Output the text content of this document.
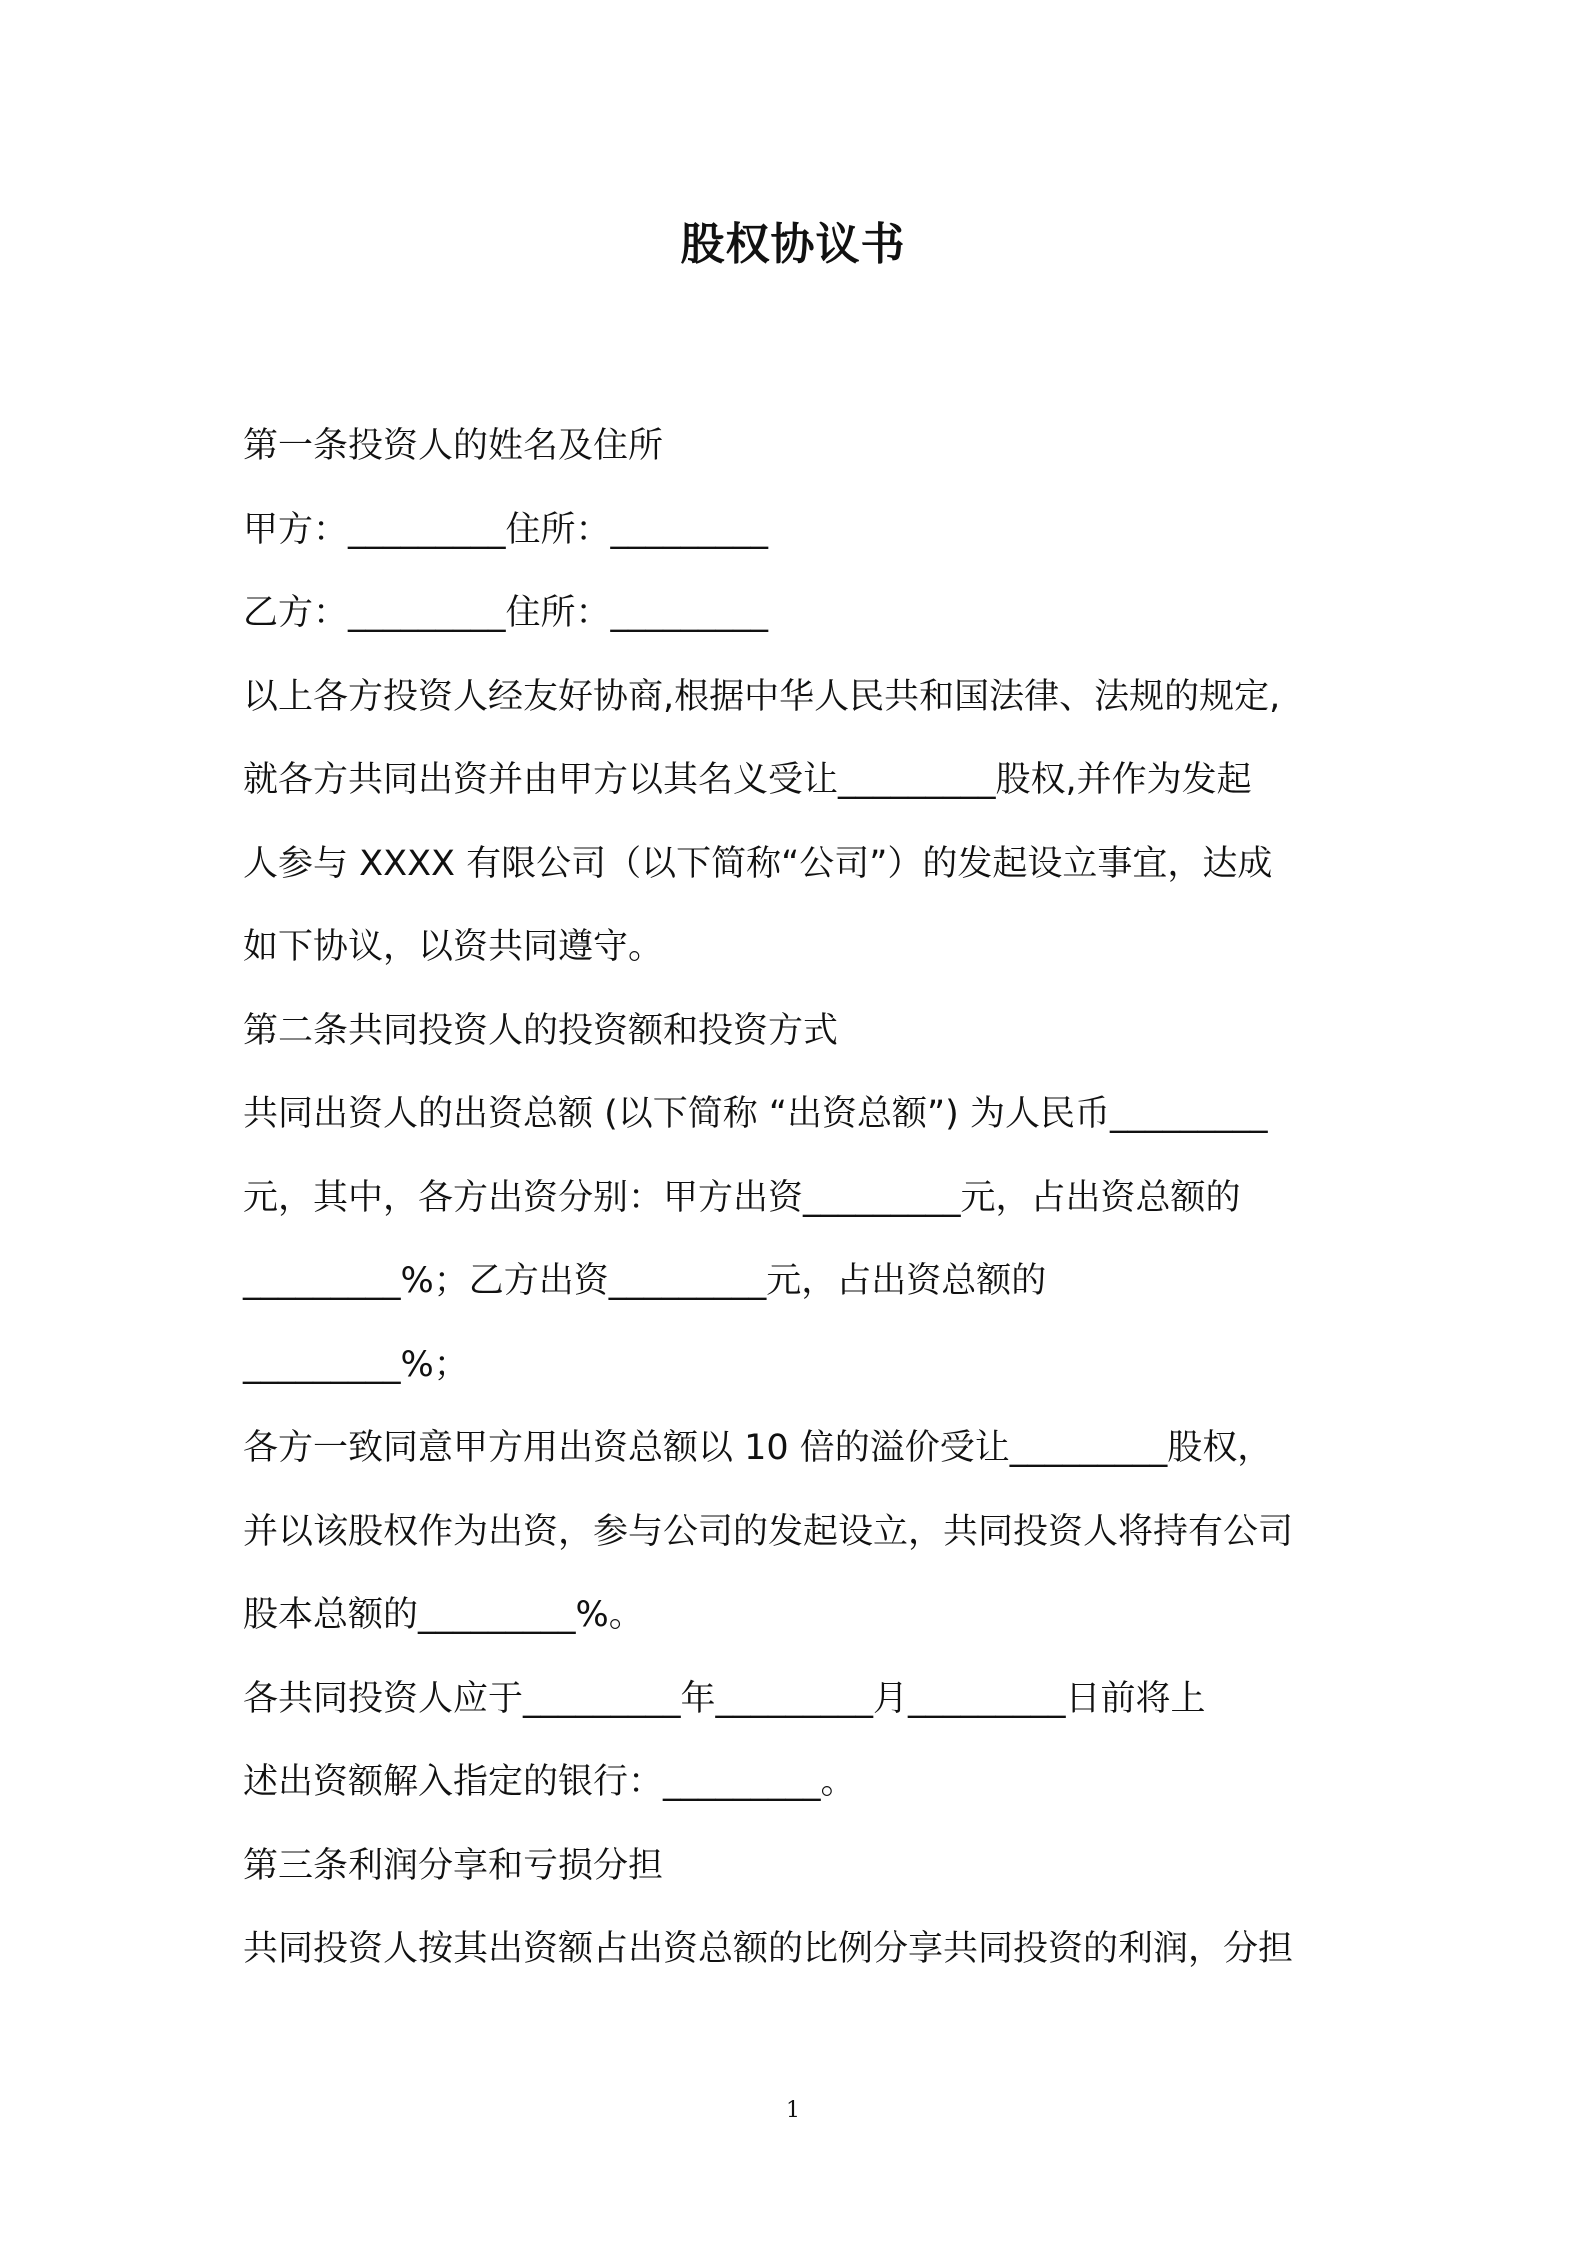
股权协议书
第一条投资人的姓名及住所
甲方：_________住所：_________
乙方：_________住所：_________
以上各方投资人经友好协商,根据中华人民共和国法律、法规的规定,
就各方共同出资并由甲方以其名义受让_________股权,并作为发起
人参与 XXXX 有限公司（以下简称“公司”）的发起设立事宜，达成
如下协议，以资共同遵守。
第二条共同投资人的投资额和投资方式
共同出资人的出资总额 (以下简称 “出资总额”) 为人民币_________
元，其中，各方出资分别：甲方出资_________元，占出资总额的
_________%；乙方出资_________元，占出资总额的
_________%；
各方一致同意甲方用出资总额以 10 倍的溢价受让_________股权，
并以该股权作为出资，参与公司的发起设立，共同投资人将持有公司
股本总额的_________%。
各共同投资人应于_________年_________月_________日前将上
述出资额解入指定的银行：_________。
第三条利润分享和亏损分担
共同投资人按其出资额占出资总额的比例分享共同投资的利润，分担
1
